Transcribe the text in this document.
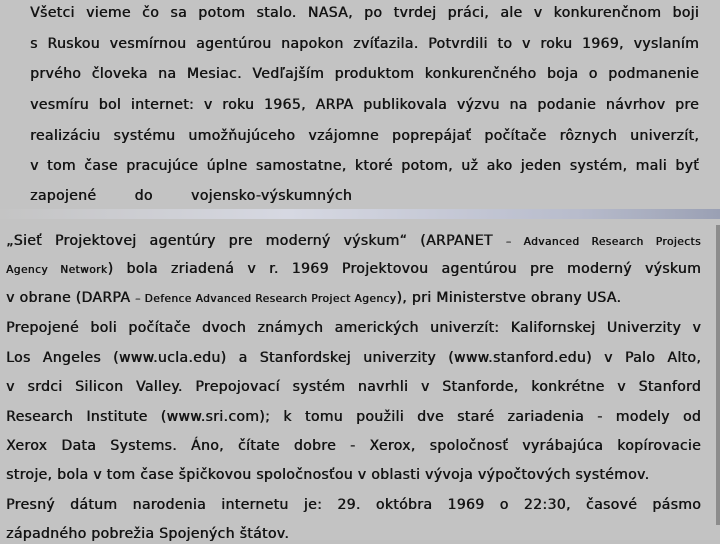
Všetci vieme čo sa potom stalo. NASA, po tvrdej práci, ale v konkurenčnom boji
s Ruskou vesmírnou agentúrou napokon zvíťazila. Potvrdili to v roku 1969, vyslaním
prvého človeka na Mesiac. Vedľajším produktom konkurenčného boja o podmanenie
vesmíru bol internet: v roku 1965, ARPA publikovala výzvu na podanie návrhov pre
realizáciu systému umožňujúceho vzájomne poprepájať počítače rôznych univerzít,
v tom čase pracujúce úplne samostatne, ktoré potom, už ako jeden systém, mali byť
zapojené do vojensko-výskumných
„Sieť Projektovej agentúry pre moderný výskum“ (ARPANET – Advanced Research Projects
Agency Network) bola zriadená v r. 1969 Projektovou agentúrou pre moderný výskum
v obrane (DARPA – Defence Advanced Research Project Agency), pri Ministerstve obrany USA.
Prepojené boli počítače dvoch známych amerických univerzít: Kalifornskej Univerzity v
Los Angeles (www.ucla.edu) a Stanfordskej univerzity (www.stanford.edu) v Palo Alto,
v srdci Silicon Valley. Prepojovací systém navrhli v Stanforde, konkrétne v Stanford
Research Institute (www.sri.com); k tomu použili dve staré zariadenia - modely od
Xerox Data Systems. Áno, čítate dobre - Xerox, spoločnosť vyrábajúca kopírovacie
stroje, bola v tom čase špičkovou spoločnosťou v oblasti vývoja výpočtových systémov.
Presný dátum narodenia internetu je: 29. októbra 1969 o 22:30, časové pásmo
západného pobrežia Spojených štátov.
